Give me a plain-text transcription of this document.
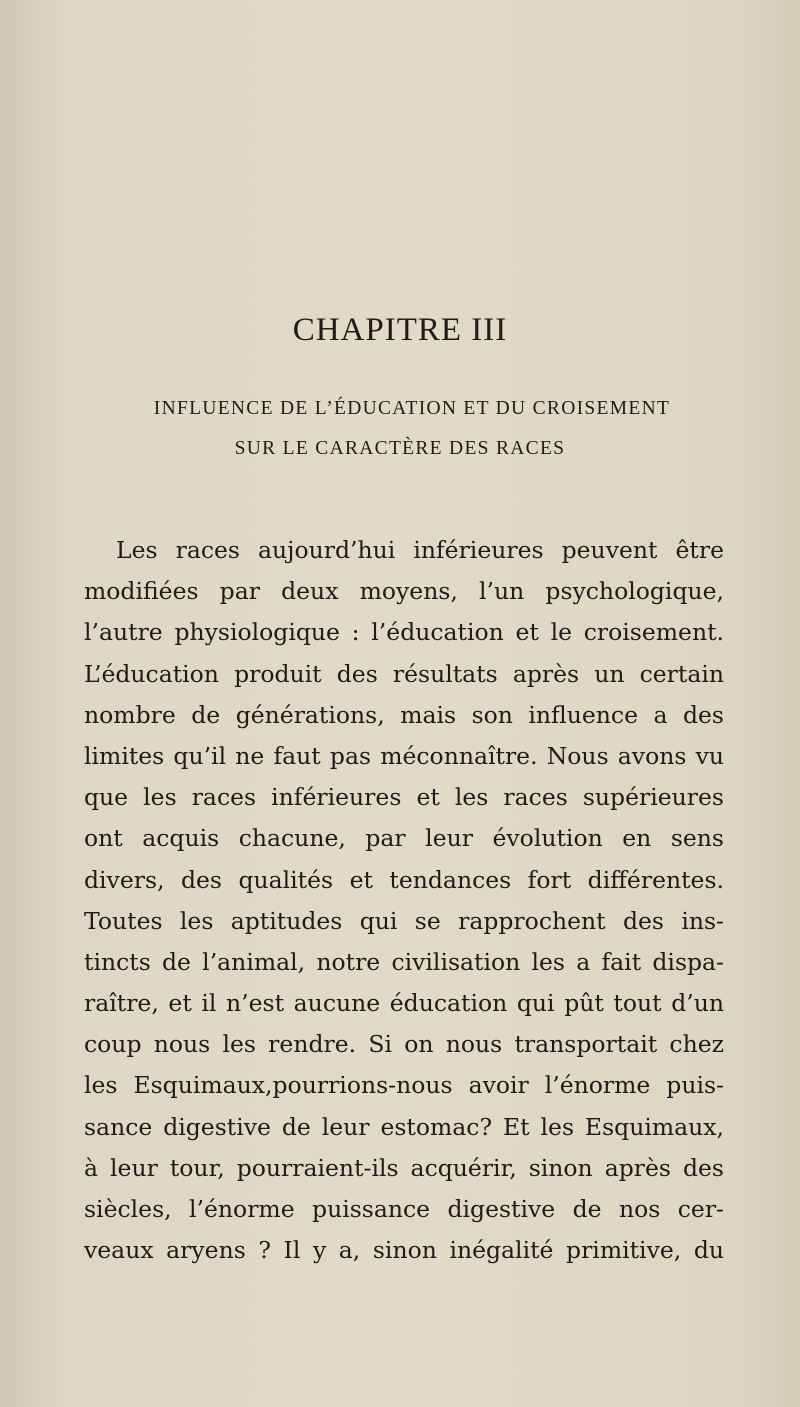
CHAPITRE III
INFLUENCE DE L’ÉDUCATION ET DU CROISEMENT
SUR LE CARACTÈRE DES RACES
Les races aujourd’hui inférieures peuvent être
modifiées par deux moyens, l’un psychologique,
l’autre physiologique : l’éducation et le croisement.
L’éducation produit des résultats après un certain
nombre de générations, mais son influence a des
limites qu’il ne faut pas méconnaître. Nous avons vu
que les races inférieures et les races supérieures
ont acquis chacune, par leur évolution en sens
divers, des qualités et tendances fort différentes.
Toutes les aptitudes qui se rapprochent des ins-
tincts de l’animal, notre civilisation les a fait dispa-
raître, et il n’est aucune éducation qui pût tout d’un
coup nous les rendre. Si on nous transportait chez
les Esquimaux,pourrions-nous avoir l’énorme puis-
sance digestive de leur estomac? Et les Esquimaux,
à leur tour, pourraient-ils acquérir, sinon après des
siècles, l’énorme puissance digestive de nos cer-
veaux aryens ? Il y a, sinon inégalité primitive, du
